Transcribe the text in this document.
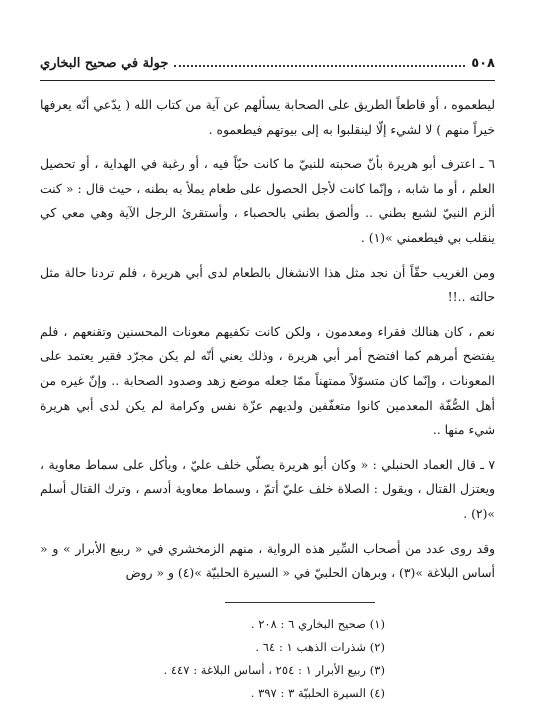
٥٠٨
جولة في صحيح البخاري

ليطعموه ، أو قاطعاً الطريق على الصحابة يسألهم عن آية من كتاب الله ( يدّعي أنّه يعرفها خيراً منهم ) لا لشيء إلّا لينقلبوا به إلى بيوتهم فيطعموه .

٦ ـ اعترف أبو هريرة بأنّ صحبته للنبيّ ما كانت حبّاً فيه ، أو رغبة في الهداية ، أو تحصيل العلم ، أو ما شابه ، وإنّما كانت لأجل الحصول على طعام يملأ به بطنه ، حيث قال : « كنت ألزم النبيّ لشبع بطني .. وألصق بطني بالحصباء ، وأستقرئ الرجل الآية وهي معي كي ينقلب بي فيطعمني »(١) .

ومن الغريب حقّاً أن نجد مثل هذا الانشغال بالطعام لدى أبي هريرة ، فلم تردنا حالة مثل حالته ..!!

نعم ، كان هنالك فقراء ومعدمون ، ولكن كانت تكفيهم معونات المحسنين وتقنعهم ، فلم يفتضح أمرهم كما افتضح أمر أبي هريرة ، وذلك يعني أنّه لم يكن مجرّد فقير يعتمد على المعونات ، وإنّما كان متسوّلاً ممتهناً ممّا جعله موضع زهد وصدود الصحابة .. وإنّ غيره من أهل الصُّفّة المعدمين كانوا متعفّفين ولديهم عزّة نفس وكرامة لم يكن لدى أبي هريرة شيء منها ..

٧ ـ قال العماد الحنبلي : « وكان أبو هريرة يصلّي خلف عليّ ، ويأكل على سماط معاوية ، ويعتزل القتال ، ويقول : الصلاة خلف عليّ أتمّ ، وسماط معاوية أدسم ، وترك القتال أسلم »(٢) .

وقد روى عدد من أصحاب السِّير هذه الرواية ، منهم الزمخشري في « ربيع الأبرار » و « أساس البلاغة »(٣) ، وبرهان الحلبيّ في « السيرة الحلبيّة »(٤) و « روض

(١) صحيح البخاري ٦ : ٢٠٨ .
(٢) شذرات الذهب ١ : ٦٤ .
(٣) ربيع الأبرار ١ : ٢٥٤ ، أساس البلاغة : ٤٤٧ .
(٤) السيرة الحلبيّة ٣ : ٣٩٧ .
